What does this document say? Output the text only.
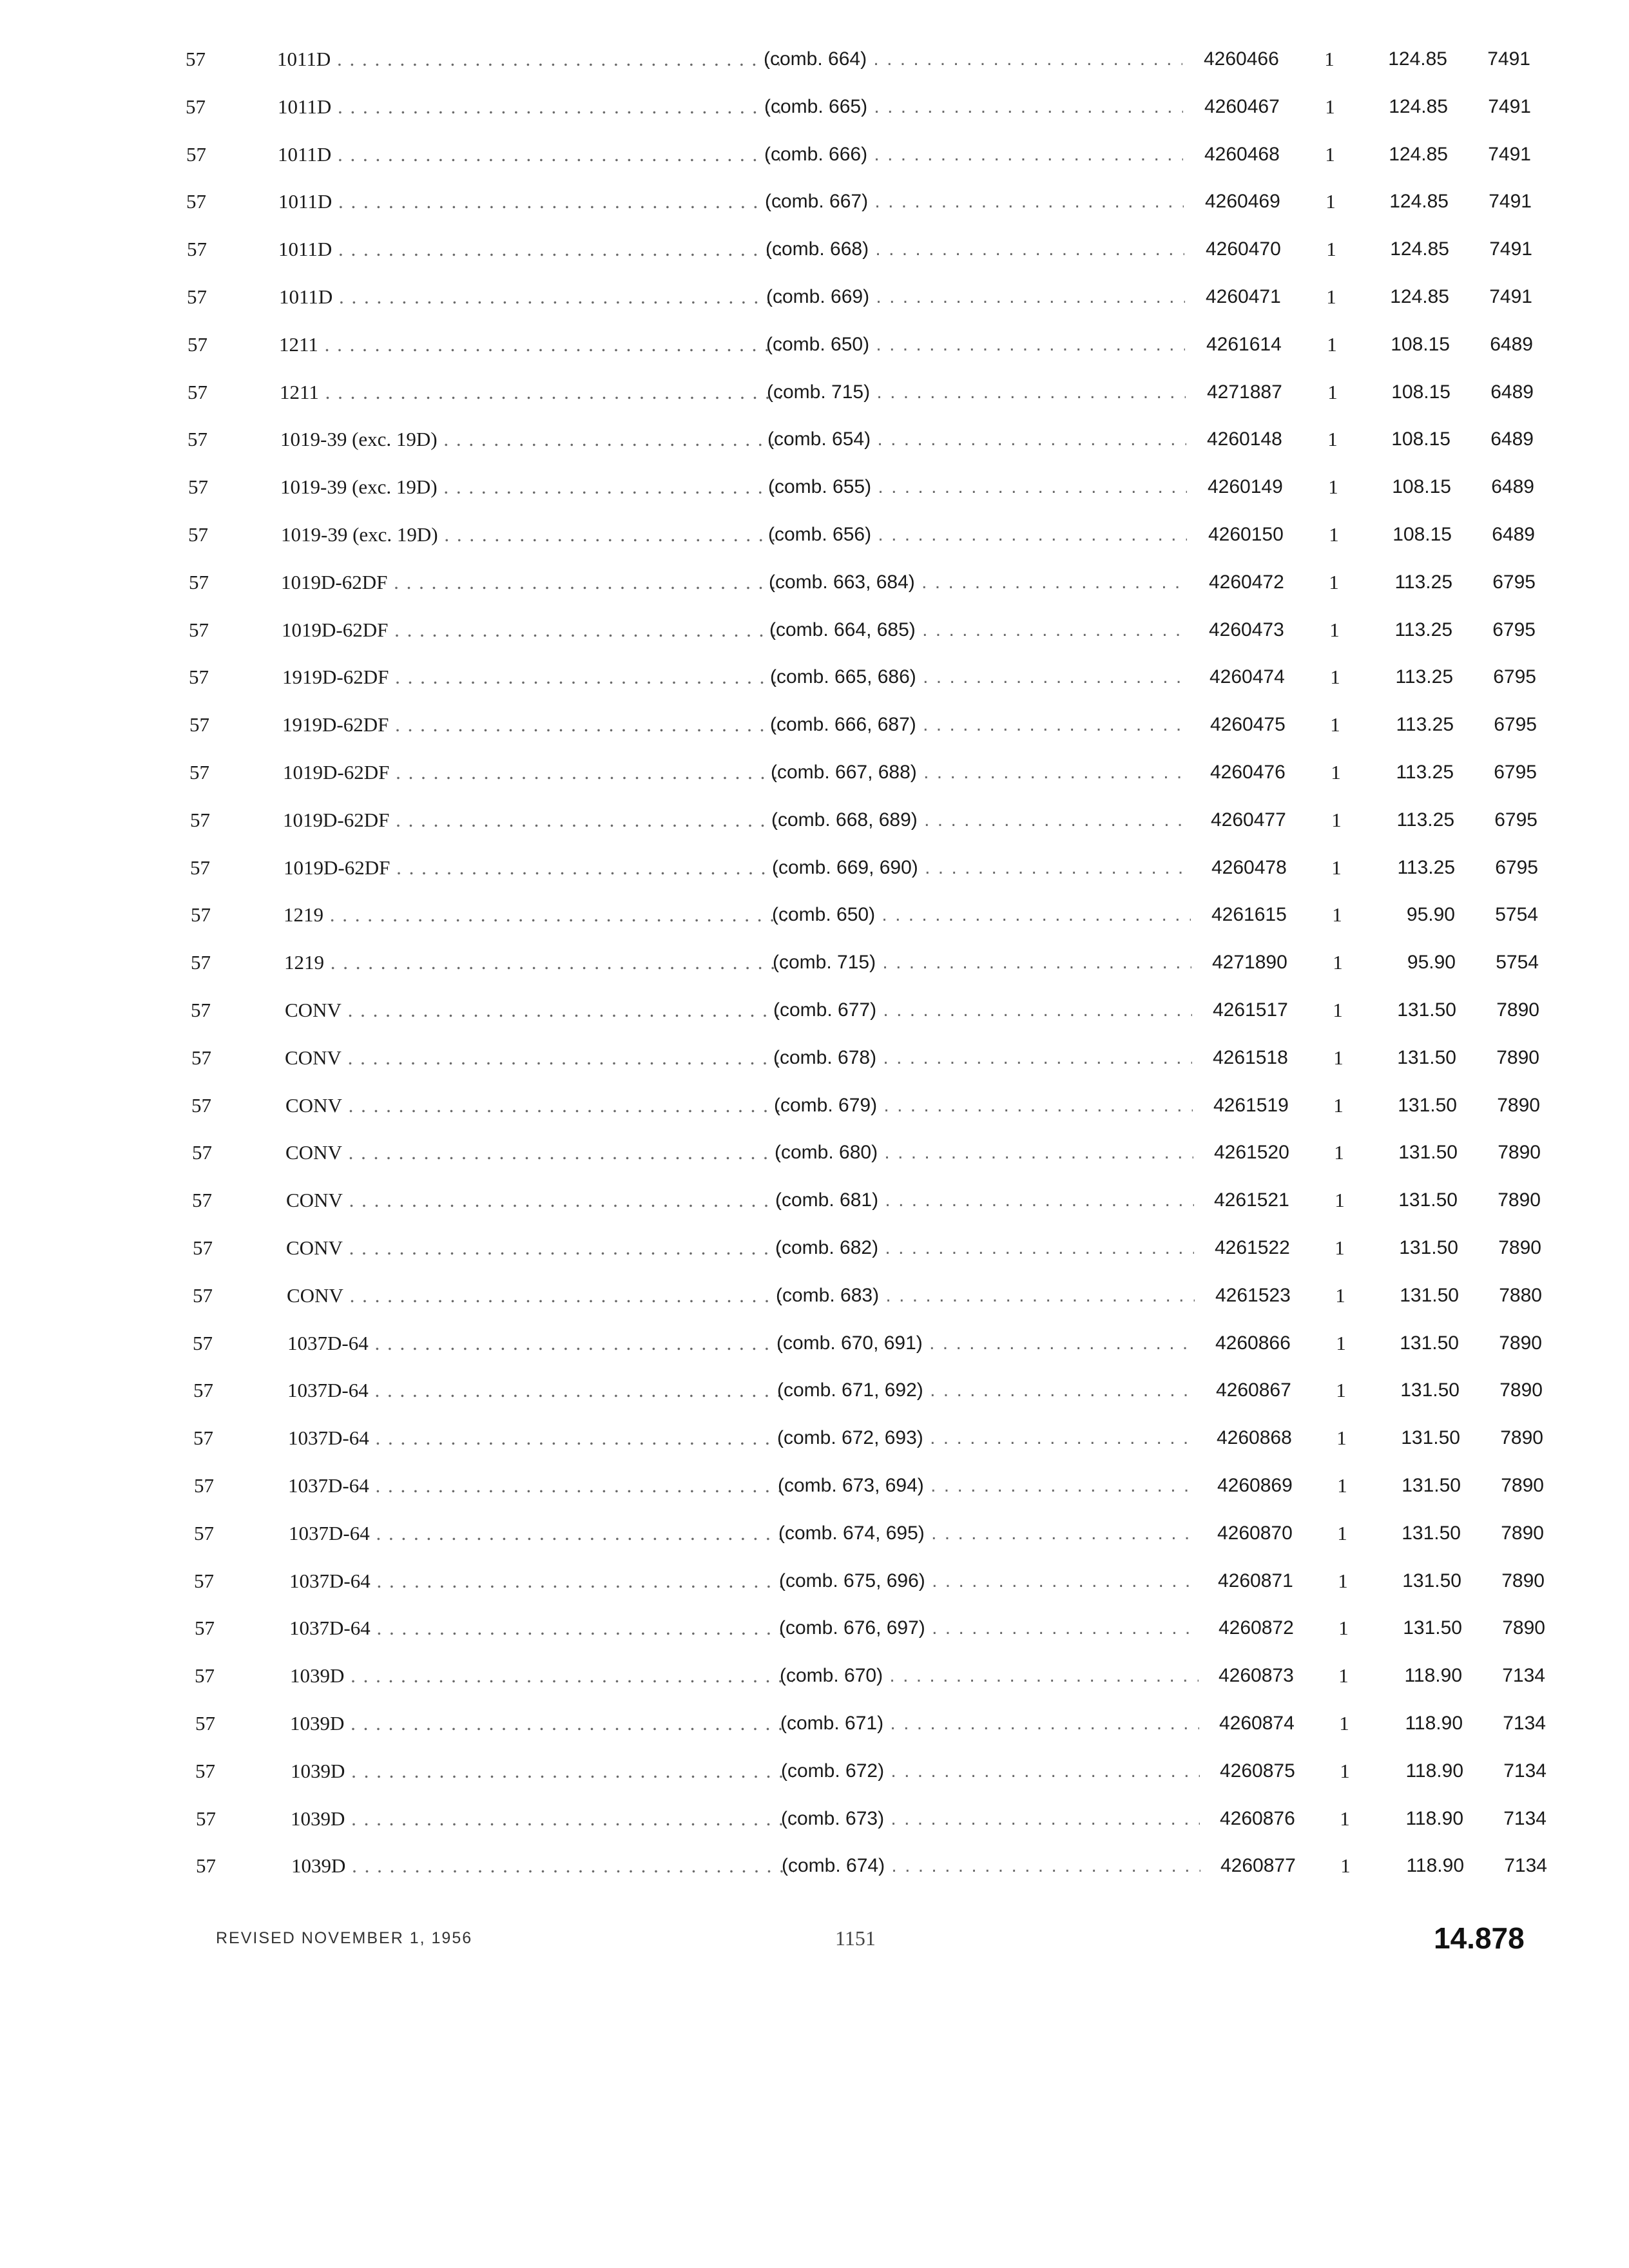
57	1011D . . .	(comb. 664) . . .	4260466 1	124.85	7491
57	1011D . . .	(comb. 665) . . .	4260467 1	124.85	7491
57	1011D . . .	(comb. 666) . . .	4260468 1	124.85	7491
57	1011D . . .	(comb. 667) . . .	4260469 1	124.85	7491
57	1011D . . .	(comb. 668) . . .	4260470 1	124.85	7491
57	1011D . . .	(comb. 669) . . .	4260471 1	124.85	7491
57	1211 . . .	(comb. 650) . . .	4261614 1	108.15	6489
57	1211 . . .	(comb. 715) . . .	4271887 1	108.15	6489
57	1019-39 (exc. 19D) . . .	(comb. 654) . . .	4260148 1	108.15	6489
57	1019-39 (exc. 19D) . . .	(comb. 655) . . .	4260149 1	108.15	6489
57	1019-39 (exc. 19D) . . .	(comb. 656) . . .	4260150 1	108.15	6489
57	1019D-62DF . . .	(comb. 663, 684) . . .	4260472 1	113.25	6795
57	1019D-62DF . . .	(comb. 664, 685) . . .	4260473 1	113.25	6795
57	1919D-62DF . . .	(comb. 665, 686) . . .	4260474 1	113.25	6795
57	1919D-62DF . . .	(comb. 666, 687) . . .	4260475 1	113.25	6795
57	1019D-62DF . . .	(comb. 667, 688) . . .	4260476 1	113.25	6795
57	1019D-62DF . . .	(comb. 668, 689) . . .	4260477 1	113.25	6795
57	1019D-62DF . . .	(comb. 669, 690) . . .	4260478 1	113.25	6795
57	1219 . . .	(comb. 650) . . .	4261615 1	95.90	5754
57	1219 . . .	(comb. 715) . . .	4271890 1	95.90	5754
57	CONV . . .	(comb. 677) . . .	4261517 1	131.50	7890
57	CONV . . .	(comb. 678) . . .	4261518 1	131.50	7890
57	CONV . . .	(comb. 679) . . .	4261519 1	131.50	7890
57	CONV . . .	(comb. 680) . . .	4261520 1	131.50	7890
57	CONV . . .	(comb. 681) . . .	4261521 1	131.50	7890
57	CONV . . .	(comb. 682) . . .	4261522 1	131.50	7890
57	CONV . . .	(comb. 683) . . .	4261523 1	131.50	7880
57	1037D-64 . . .	(comb. 670, 691) . . .	4260866 1	131.50	7890
57	1037D-64 . . .	(comb. 671, 692) . . .	4260867 1	131.50	7890
57	1037D-64 . . .	(comb. 672, 693) . . .	4260868 1	131.50	7890
57	1037D-64 . . .	(comb. 673, 694) . . .	4260869 1	131.50	7890
57	1037D-64 . . .	(comb. 674, 695) . . .	4260870 1	131.50	7890
57	1037D-64 . . .	(comb. 675, 696) . . .	4260871 1	131.50	7890
57	1037D-64 . . .	(comb. 676, 697) . . .	4260872 1	131.50	7890
57	1039D . . .	(comb. 670) . . .	4260873 1	118.90	7134
57	1039D . . .	(comb. 671) . . .	4260874 1	118.90	7134
57	1039D . . .	(comb. 672) . . .	4260875 1	118.90	7134
57	1039D . . .	(comb. 673) . . .	4260876 1	118.90	7134
57	1039D . . .	(comb. 674) . . .	4260877 1	118.90	7134
REVISED NOVEMBER 1, 1956	1151	14.878
